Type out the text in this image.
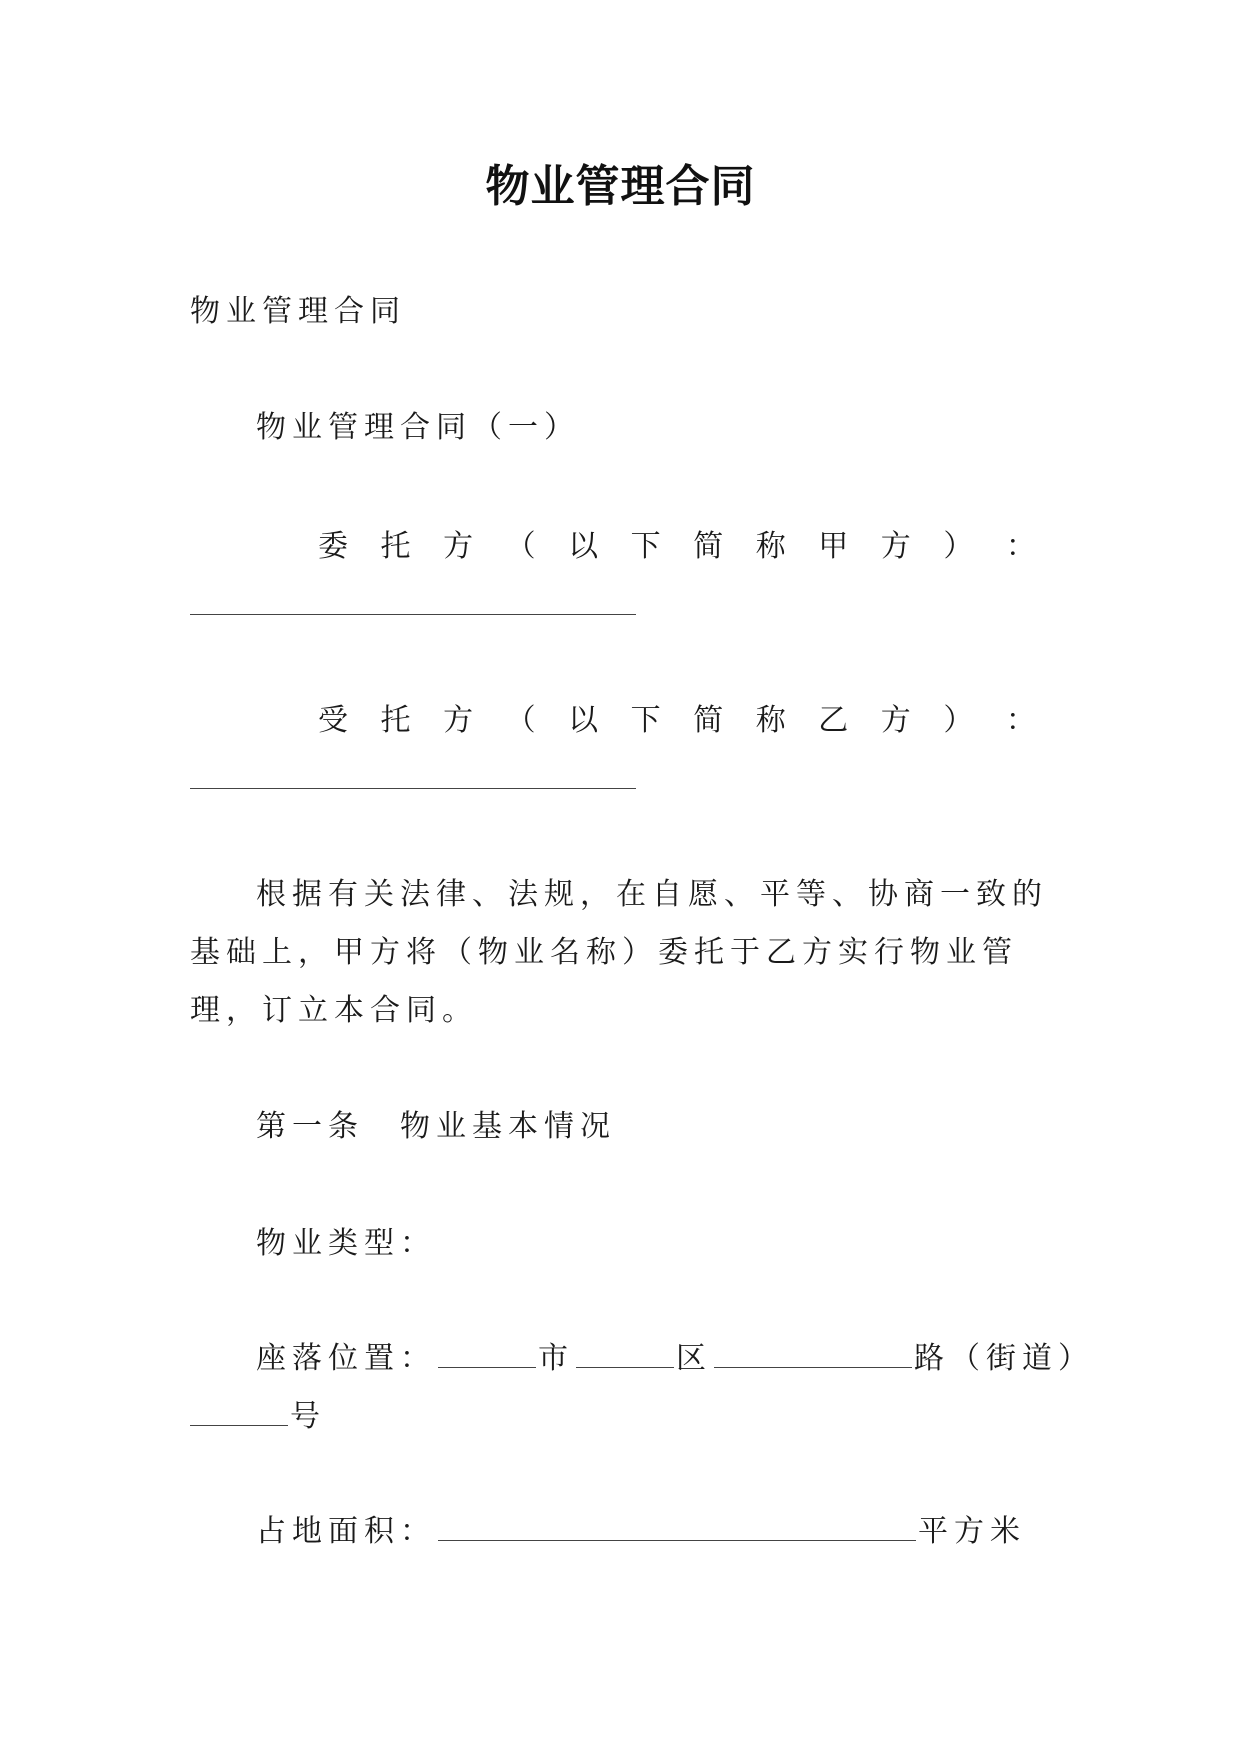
物业管理合同
物业管理合同
物业管理合同（一）
委 托 方 （ 以 下 简 称 甲 方 ） ：
受 托 方 （ 以 下 简 称 乙 方 ） ：
根据有关法律、法规，在自愿、平等、协商一致的基础上，甲方将（物业名称）委托于乙方实行物业管理，订立本合同。
第一条　物业基本情况
物业类型：
座落位置：	市	区	路（街道）
号
占地面积：	平方米
